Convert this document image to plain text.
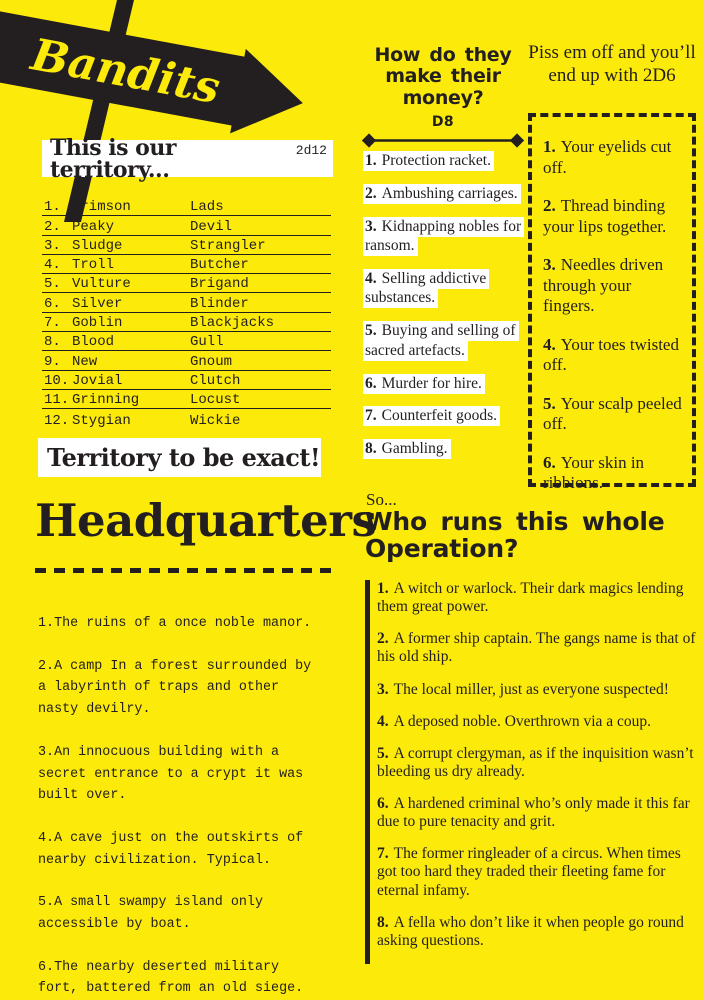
Bandits
This is our territory...
2d12
1. Crimson	Lads
2. Peaky	Devil
3. Sludge	Strangler
4. Troll	Butcher
5. Vulture	Brigand
6. Silver	Blinder
7. Goblin	Blackjacks
8. Blood	Gull
9. New	Gnoum
10. Jovial	Clutch
11. Grinning	Locust
12. Stygian	Wickie
Territory to be exact!
Headquarters
1.The ruins of a once noble manor.
2.A camp In a forest surrounded by a labyrinth of traps and other nasty devilry.
3.An innocuous building with a secret entrance to a crypt it was built over.
4.A cave just on the outskirts of nearby civilization. Typical.
5.A small swampy island only accessible by boat.
6.The nearby deserted military fort, battered from an old siege.
How do they make their money?
D8
1. Protection racket.
2. Ambushing carriages.
3. Kidnapping nobles for ransom.
4. Selling addictive substances.
5. Buying and selling of sacred artefacts.
6. Murder for hire.
7. Counterfeit goods.
8. Gambling.
Piss em off and you’ll end up with 2D6
1. Your eyelids cut off.
2. Thread binding your lips together.
3. Needles driven through your fingers.
4. Your toes twisted off.
5. Your scalp peeled off.
6. Your skin in ribbions.
So...
Who runs this whole Operation?
1. A witch or warlock. Their dark magics lending them great power.
2. A former ship captain. The gangs name is that of his old ship.
3. The local miller, just as everyone suspected!
4. A deposed noble. Overthrown via a coup.
5. A corrupt clergyman, as if the inquisition wasn’t bleeding us dry already.
6. A hardened criminal who’s only made it this far due to pure tenacity and grit.
7. The former ringleader of a circus. When times got too hard they traded their fleeting fame for eternal infamy.
8. A fella who don’t like it when people go round asking questions.
